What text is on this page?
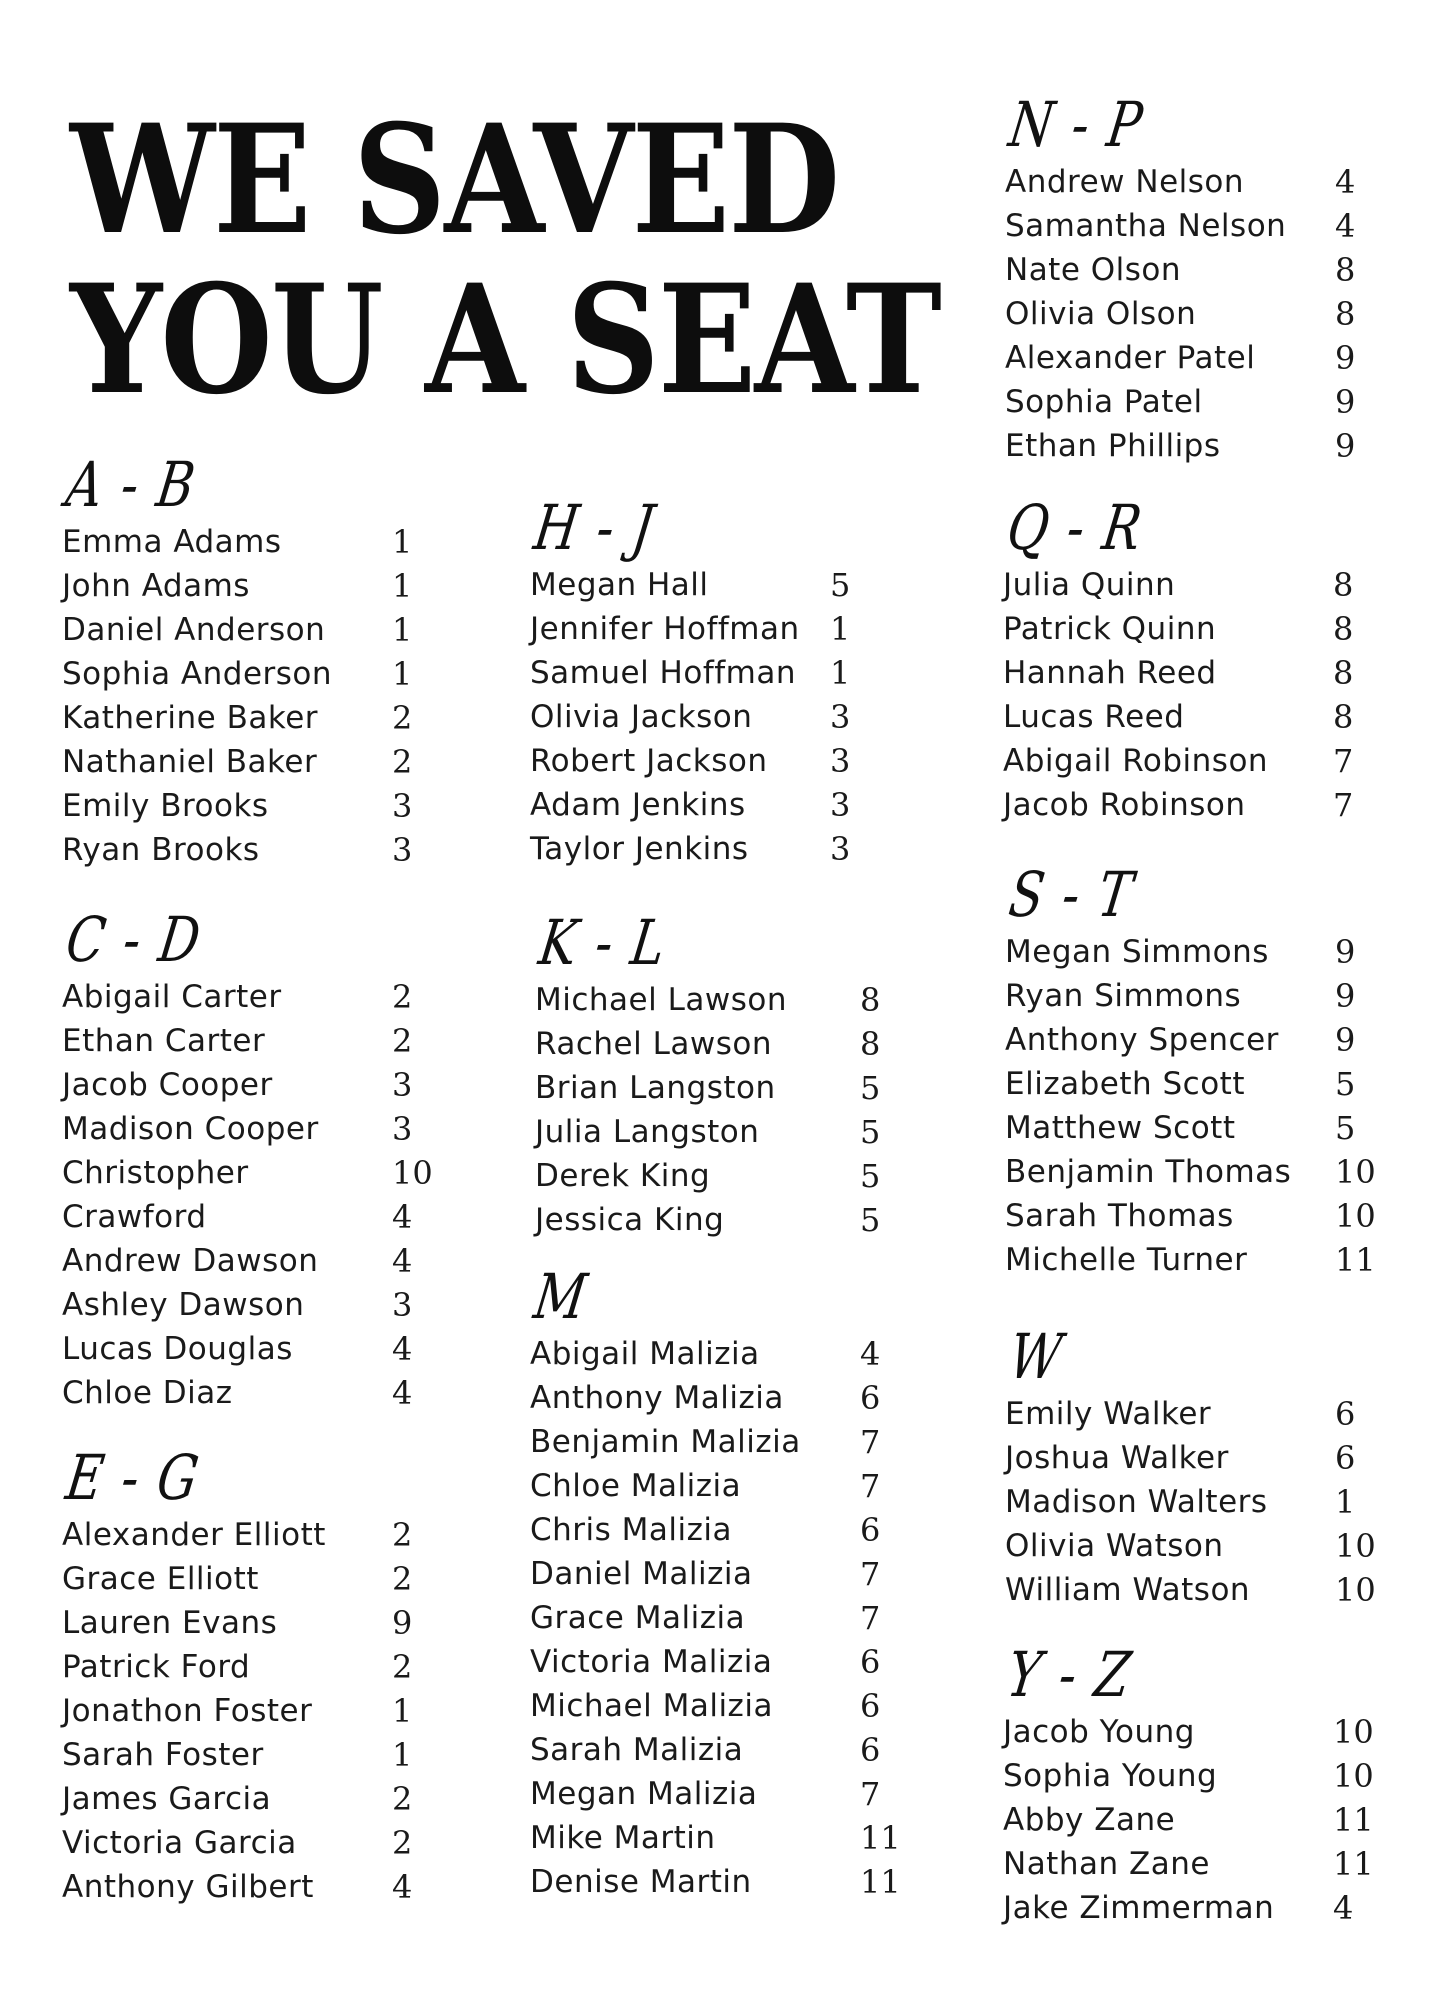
WE SAVED
YOU A SEAT
A - B
Emma Adams	1
John Adams	1
Daniel Anderson 1
Sophia Anderson 1
Katherine Baker 2
Nathaniel Baker 2
Emily Brooks	3
Ryan Brooks	3
C - D
Abigail Carter	2
Ethan Carter	2
Jacob Cooper	3
Madison Cooper 3
Christopher	10
Crawford	4
Andrew Dawson 4
Ashley Dawson	3
Lucas Douglas	4
Chloe Diaz	4
E - G
Alexander Elliott 2
Grace Elliott	2
Lauren Evans	9
Patrick Ford	2
Jonathon Foster 1
Sarah Foster	1
James Garcia	2
Victoria Garcia	2
Anthony Gilbert 4
H - J
Megan Hall	5
Jennifer Hoffman 1
Samuel Hoffman 1
Olivia Jackson 3
Robert Jackson 3
Adam Jenkins	3
Taylor Jenkins	3
K - L
Michael Lawson 8
Rachel Lawson	8
Brian Langston	5
Julia Langston	5
Derek King	5
Jessica King	5
M
Abigail Malizia	4
Anthony Malizia 6
Benjamin Malizia 7
Chloe Malizia	7
Chris Malizia	6
Daniel Malizia	7
Grace Malizia	7
Victoria Malizia	6
Michael Malizia	6
Sarah Malizia	6
Megan Malizia	7
Mike Martin	11
Denise Martin	11
N - P
Andrew Nelson	4
Samantha Nelson 4
Nate Olson	8
Olivia Olson	8
Alexander Patel 9
Sophia Patel	9
Ethan Phillips	9
Q - R
Julia Quinn	8
Patrick Quinn	8
Hannah Reed	8
Lucas Reed	8
Abigail Robinson 7
Jacob Robinson	7
S - T
Megan Simmons 9
Ryan Simmons	9
Anthony Spencer 9
Elizabeth Scott	5
Matthew Scott	5
Benjamin Thomas 10
Sarah Thomas	10
Michelle Turner	11
W
Emily Walker	6
Joshua Walker	6
Madison Walters 1
Olivia Watson	10
William Watson	10
Y - Z
Jacob Young	10
Sophia Young	10
Abby Zane	11
Nathan Zane	11
Jake Zimmerman 4
